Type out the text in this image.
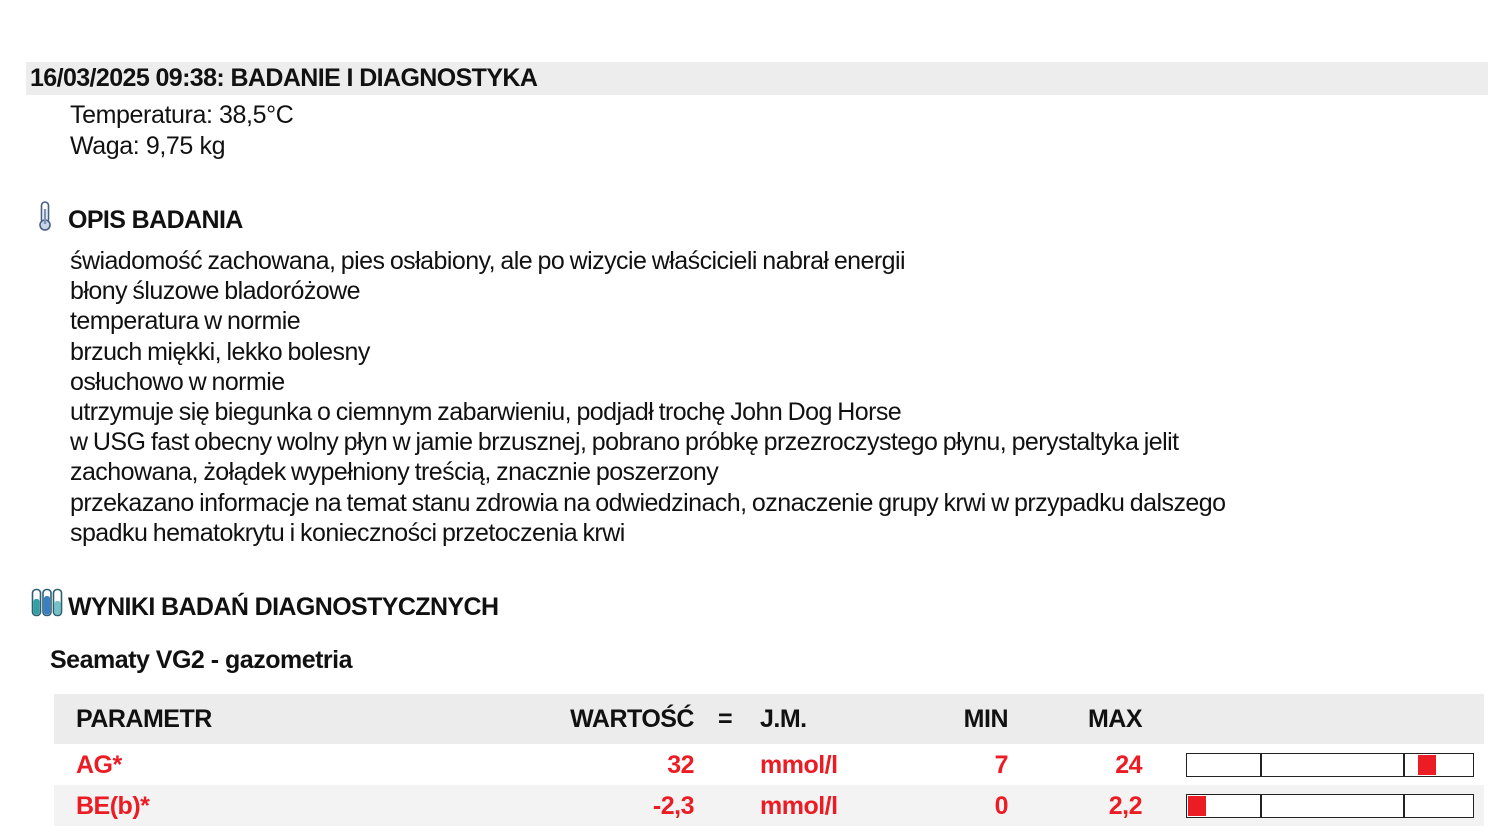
16/03/2025 09:38: BADANIE I DIAGNOSTYKA
Temperatura: 38,5°C
Waga: 9,75 kg
OPIS BADANIA
świadomość zachowana, pies osłabiony, ale po wizycie właścicieli nabrał energii
błony śluzowe bladoróżowe
temperatura w normie
brzuch miękki, lekko bolesny
osłuchowo w normie
utrzymuje się biegunka o ciemnym zabarwieniu, podjadł trochę John Dog Horse
w USG fast obecny wolny płyn w jamie brzusznej, pobrano próbkę przezroczystego płynu, perystaltyka jelit
zachowana, żołądek wypełniony treścią, znacznie poszerzony
przekazano informacje na temat stanu zdrowia na odwiedzinach, oznaczenie grupy krwi w przypadku dalszego
spadku hematokrytu i konieczności przetoczenia krwi
WYNIKI BADAŃ DIAGNOSTYCZNYCH
Seamaty VG2 - gazometria
PARAMETR	WARTOŚĆ = J.M.	MIN	MAX
AG*	32	mmol/l	7	24
BE(b)*	-2,3	mmol/l	0	2,2
